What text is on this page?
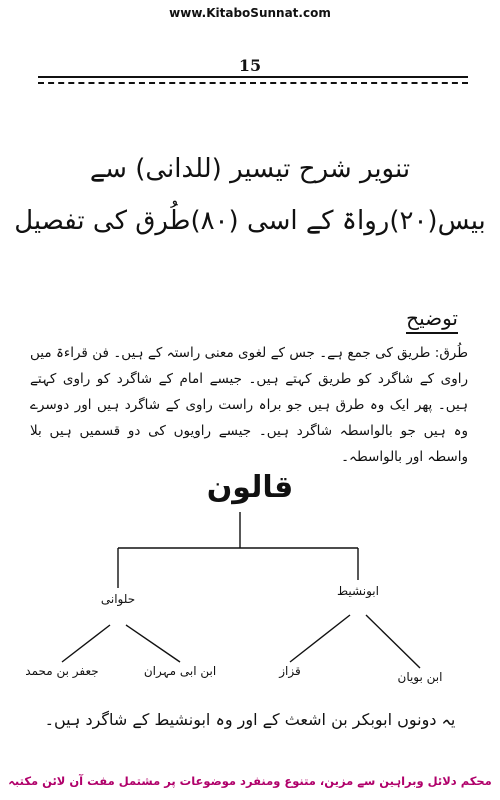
www.KitaboSunnat.com
15
تنویر شرح تیسیر (للدانی) سے
بیس(۲۰)رواۃ کے اسی (۸۰)طُرق کی تفصیل
توضیح
طُرق: طریق کی جمع ہے۔ جس کے لغوی معنی راستہ کے ہیں۔ فن قراءۃ میں راوی کے شاگرد کو طریق کہتے ہیں۔ جیسے امام کے شاگرد کو راوی کہتے ہیں۔ پھر ایک وہ طرق ہیں جو براہ راست راوی کے شاگرد ہیں اور دوسرے وہ ہیں جو بالواسطہ شاگرد ہیں۔ جیسے راویوں کی دو قسمیں ہیں بلا واسطہ اور بالواسطہ۔
قالون
حلوانی
ابونشیط
جعفر بن محمد	ابن ابی مہران	قزاز	ابن بویان
یہ دونوں ابوبکر بن اشعث کے اور وہ ابونشیط کے شاگرد ہیں۔
محکم دلائل وبراہین سے مزین، متنوع ومنفرد موضوعات پر مشتمل مفت آن لائن مکتبہ
